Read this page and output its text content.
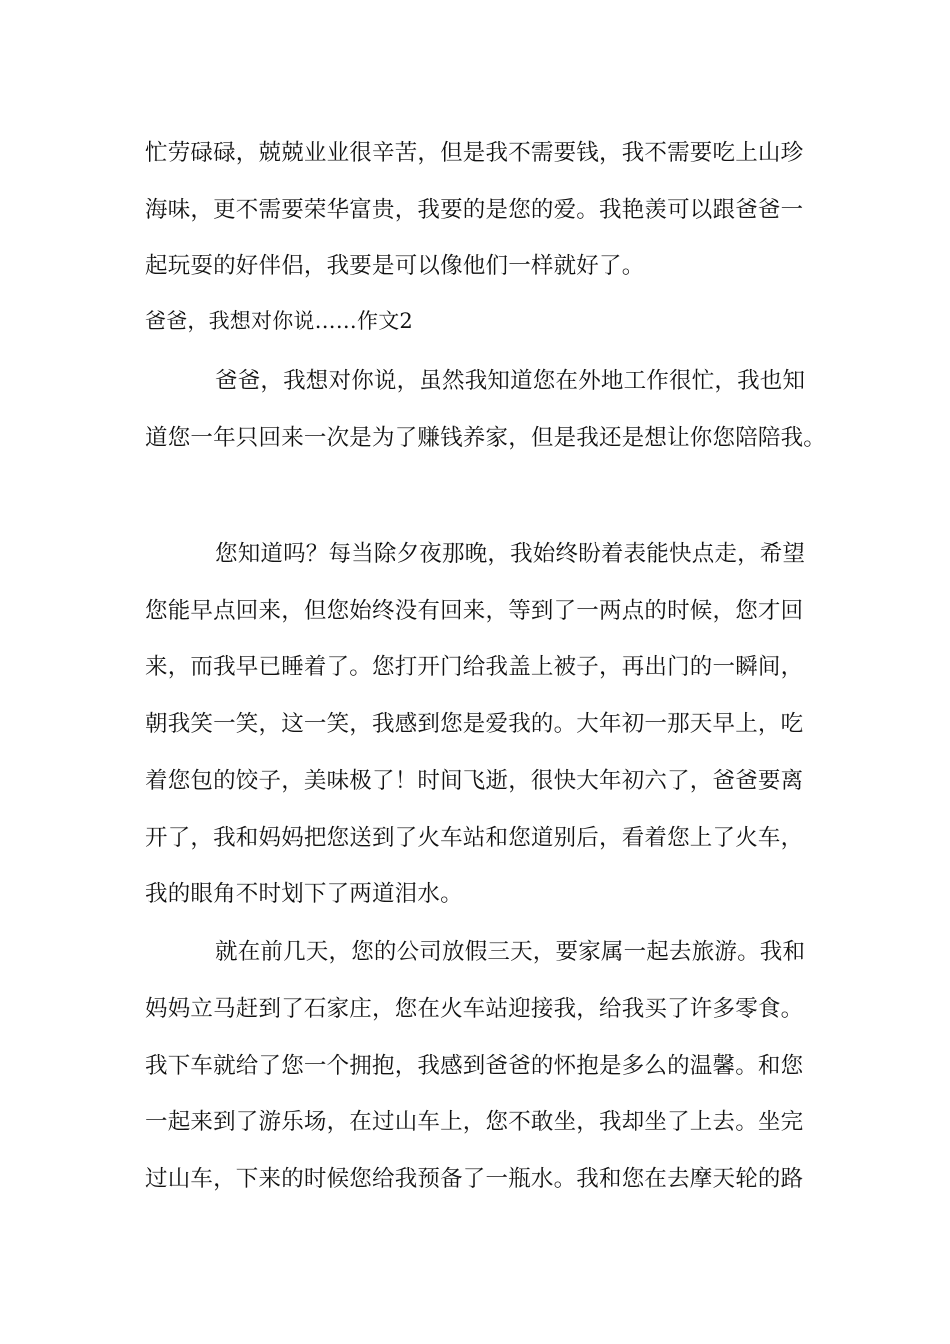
忙劳碌碌，兢兢业业很辛苦，但是我不需要钱，我不需要吃上山珍
海味，更不需要荣华富贵，我要的是您的爱。我艳羡可以跟爸爸一
起玩耍的好伴侣，我要是可以像他们一样就好了。
爸爸，我想对你说……作文2
爸爸，我想对你说，虽然我知道您在外地工作很忙，我也知
道您一年只回来一次是为了赚钱养家，但是我还是想让你您陪陪我。
您知道吗？每当除夕夜那晚，我始终盼着表能快点走，希望
您能早点回来，但您始终没有回来，等到了一两点的时候，您才回
来，而我早已睡着了。您打开门给我盖上被子，再出门的一瞬间，
朝我笑一笑，这一笑，我感到您是爱我的。大年初一那天早上，吃
着您包的饺子，美味极了！时间飞逝，很快大年初六了，爸爸要离
开了，我和妈妈把您送到了火车站和您道别后，看着您上了火车，
我的眼角不时划下了两道泪水。
就在前几天，您的公司放假三天，要家属一起去旅游。我和
妈妈立马赶到了石家庄，您在火车站迎接我，给我买了许多零食。
我下车就给了您一个拥抱，我感到爸爸的怀抱是多么的温馨。和您
一起来到了游乐场，在过山车上，您不敢坐，我却坐了上去。坐完
过山车，下来的时候您给我预备了一瓶水。我和您在去摩天轮的路
